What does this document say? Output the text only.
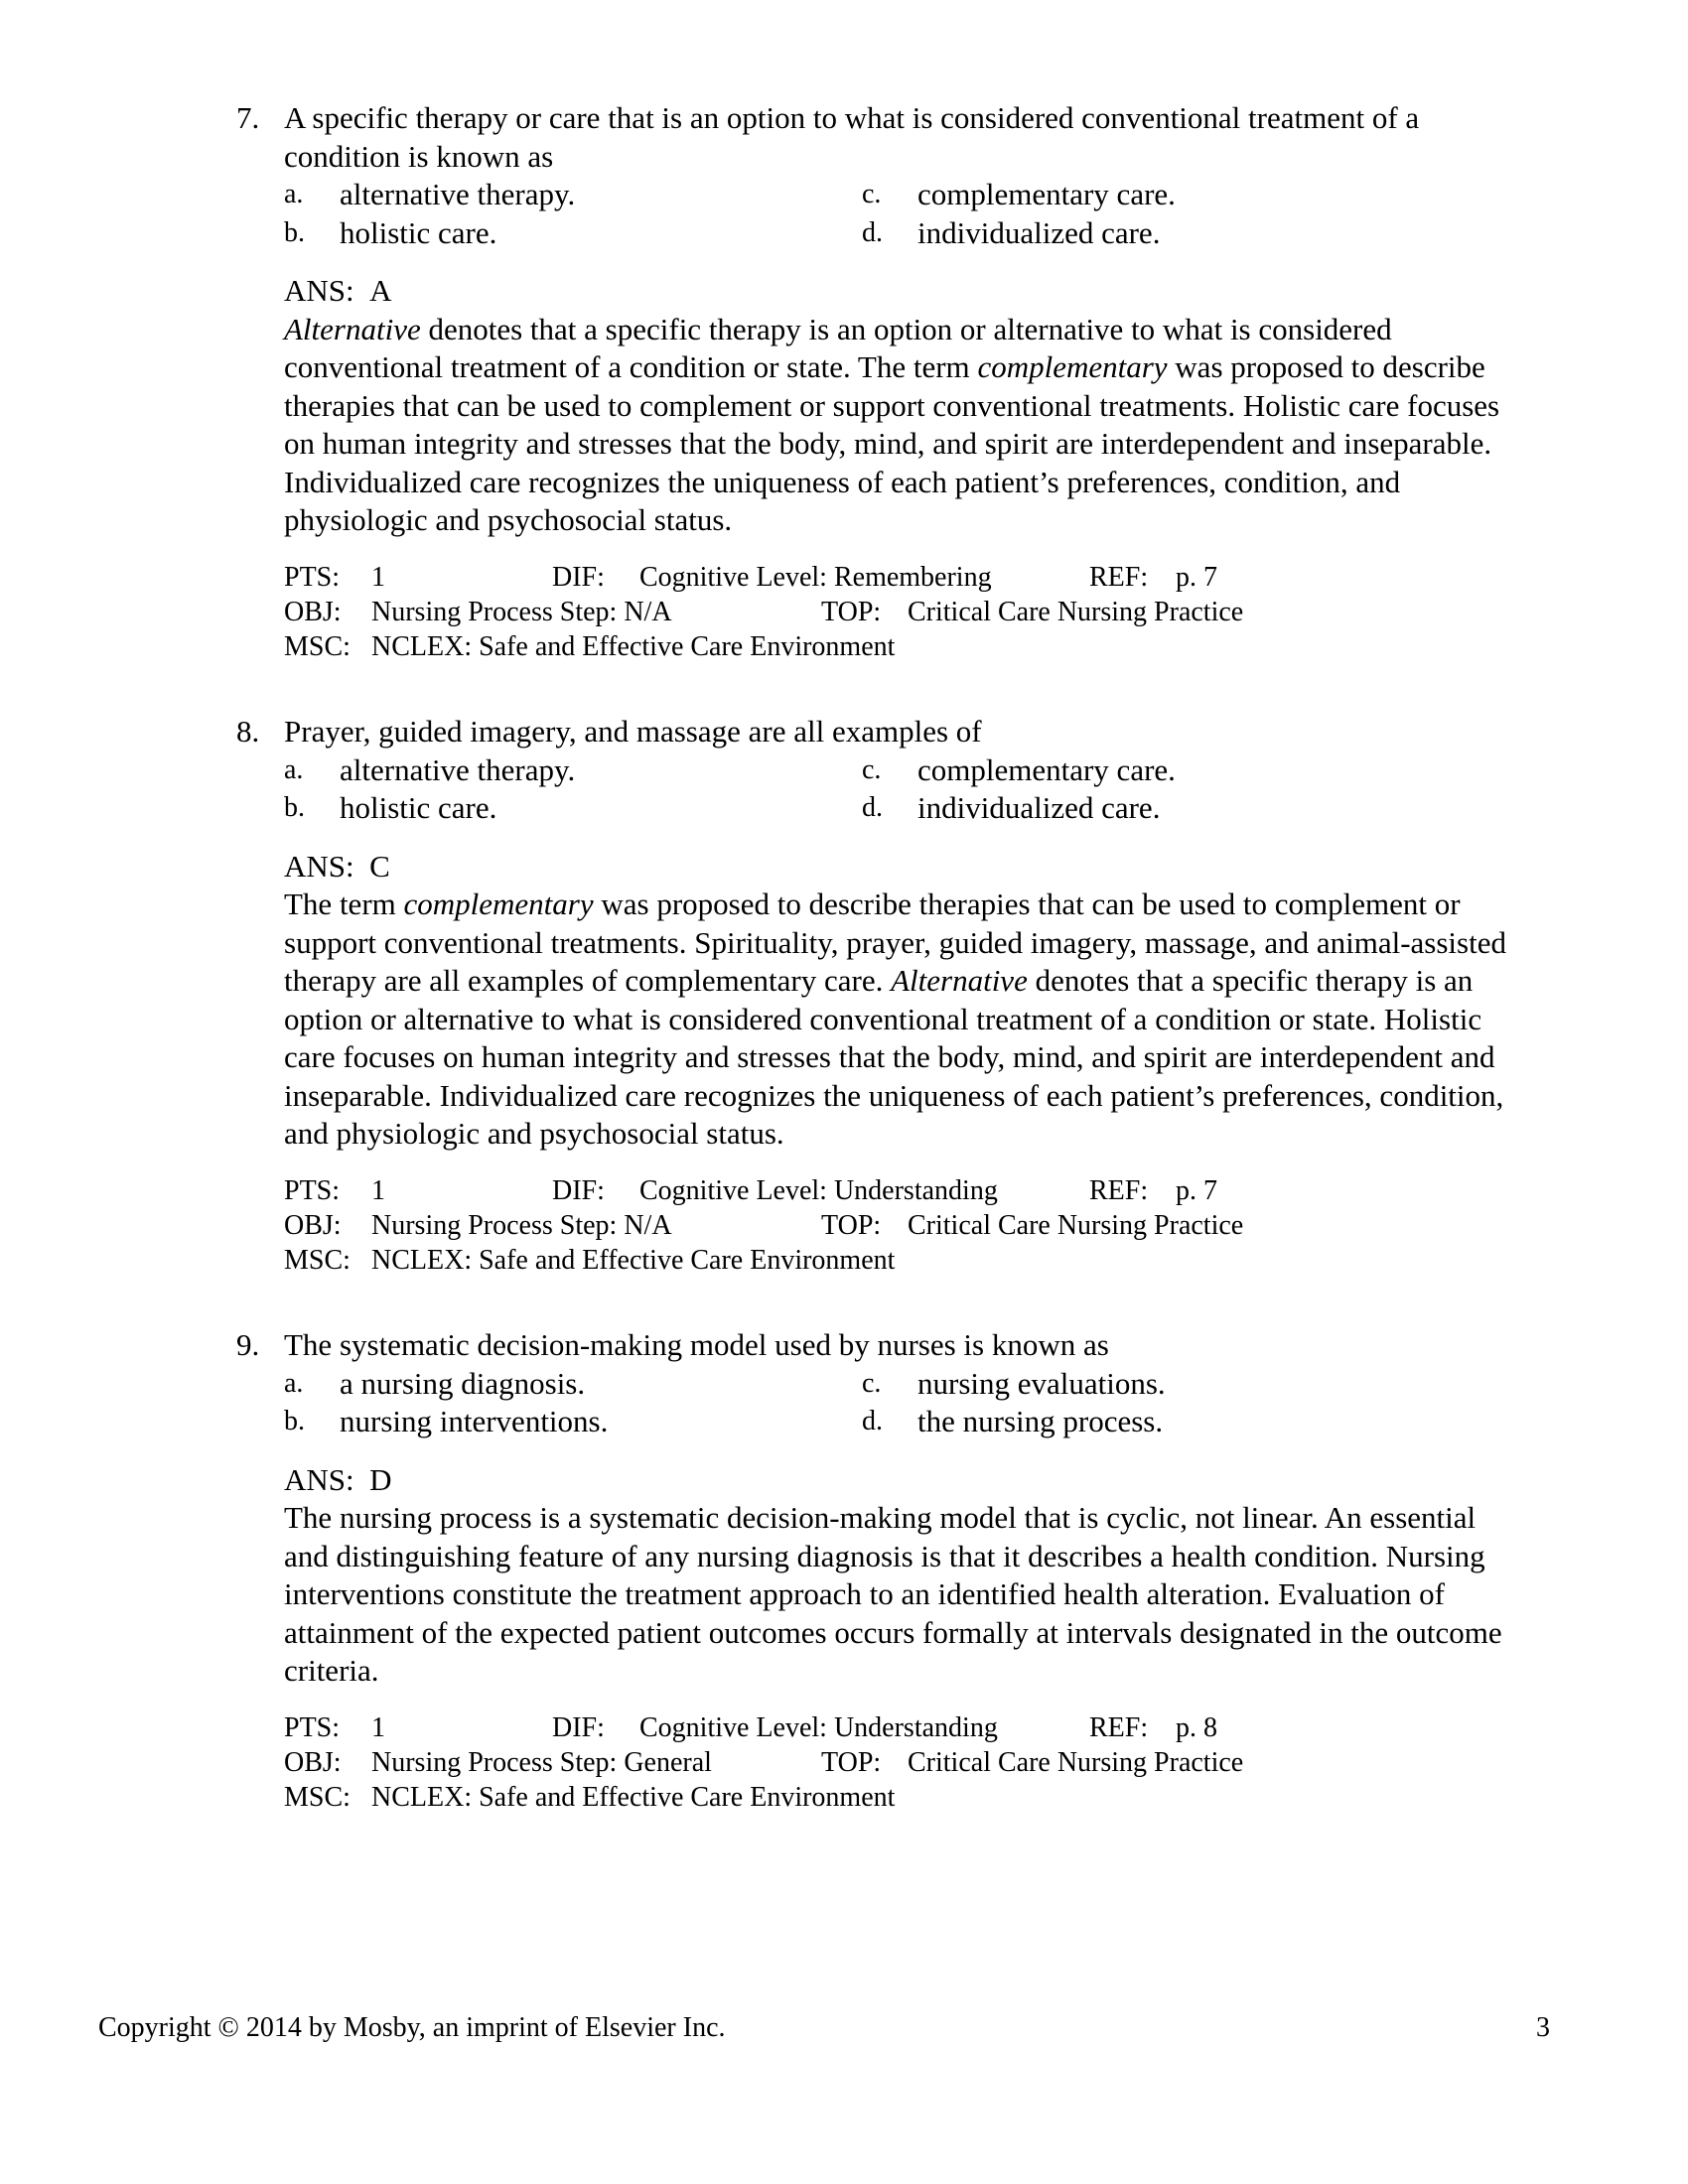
7. A specific therapy or care that is an option to what is considered conventional treatment of a condition is known as
a.	alternative therapy.	c.	complementary care.
b.	holistic care.	d.	individualized care.
ANS: A

Alternative denotes that a specific therapy is an option or alternative to what is considered conventional treatment of a condition or state. The term complementary was proposed to describe therapies that can be used to complement or support conventional treatments. Holistic care focuses on human integrity and stresses that the body, mind, and spirit are interdependent and inseparable. Individualized care recognizes the uniqueness of each patient’s preferences, condition, and physiologic and psychosocial status.

PTS: 1	DIF: Cognitive Level: Remembering	REF: p. 7
OBJ: Nursing Process Step: N/A	TOP: Critical Care Nursing Practice
MSC: NCLEX: Safe and Effective Care Environment
8. Prayer, guided imagery, and massage are all examples of
a.	alternative therapy.	c.	complementary care.
b.	holistic care.	d.	individualized care.
ANS: C

The term complementary was proposed to describe therapies that can be used to complement or support conventional treatments. Spirituality, prayer, guided imagery, massage, and animal-assisted therapy are all examples of complementary care. Alternative denotes that a specific therapy is an option or alternative to what is considered conventional treatment of a condition or state. Holistic care focuses on human integrity and stresses that the body, mind, and spirit are interdependent and inseparable. Individualized care recognizes the uniqueness of each patient’s preferences, condition, and physiologic and psychosocial status.

PTS: 1	DIF: Cognitive Level: Understanding	REF: p. 7
OBJ: Nursing Process Step: N/A	TOP: Critical Care Nursing Practice
MSC: NCLEX: Safe and Effective Care Environment
9. The systematic decision-making model used by nurses is known as
a.	a nursing diagnosis.	c.	nursing evaluations.
b.	nursing interventions.	d.	the nursing process.
ANS: D

The nursing process is a systematic decision-making model that is cyclic, not linear. An essential and distinguishing feature of any nursing diagnosis is that it describes a health condition. Nursing interventions constitute the treatment approach to an identified health alteration. Evaluation of attainment of the expected patient outcomes occurs formally at intervals designated in the outcome criteria.

PTS: 1	DIF: Cognitive Level: Understanding	REF: p. 8
OBJ: Nursing Process Step: General	TOP: Critical Care Nursing Practice
MSC: NCLEX: Safe and Effective Care Environment
Copyright © 2014 by Mosby, an imprint of Elsevier Inc.	3
